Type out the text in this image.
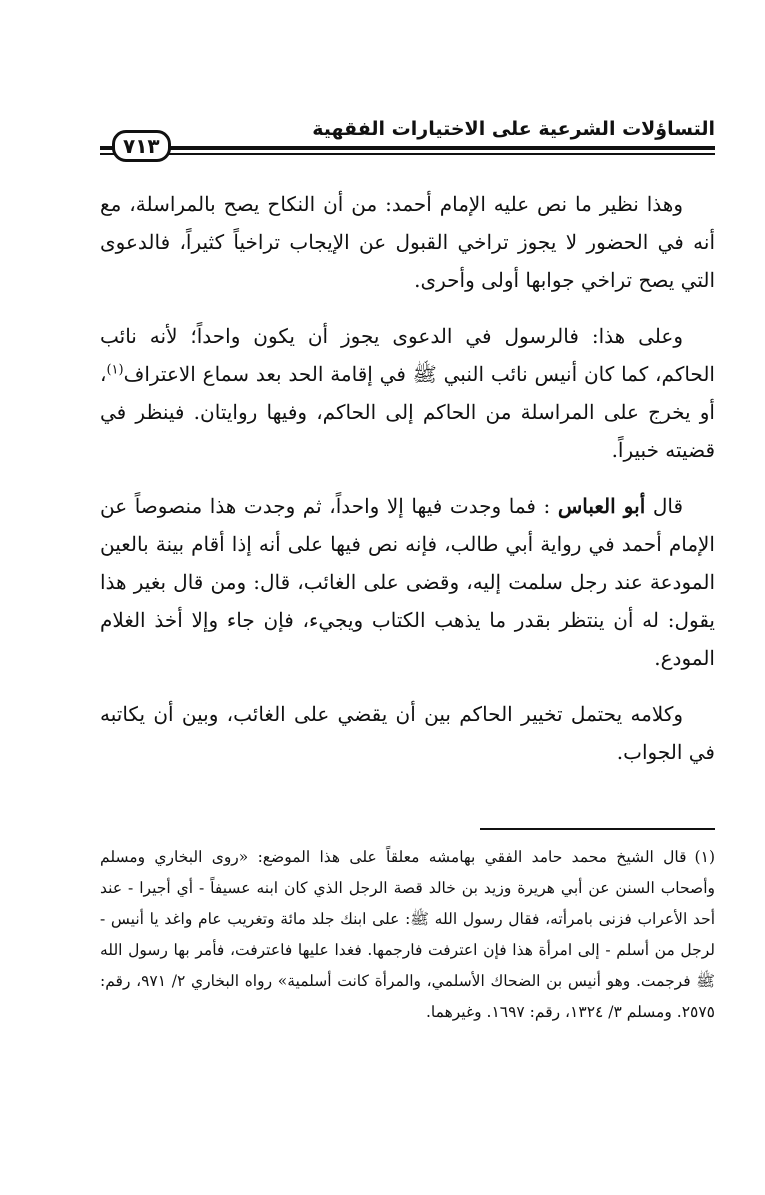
التساؤلات الشرعية على الاختيارات الفقهية
٧١٣

وهذا نظير ما نص عليه الإمام أحمد: من أن النكاح يصح بالمراسلة، مع أنه في الحضور لا يجوز تراخي القبول عن الإيجاب تراخياً كثيراً، فالدعوى التي يصح تراخي جوابها أولى وأحرى.

وعلى هذا: فالرسول في الدعوى يجوز أن يكون واحداً؛ لأنه نائب الحاكم، كما كان أنيس نائب النبي ﷺ في إقامة الحد بعد سماع الاعتراف$^{(١)}$، أو يخرج على المراسلة من الحاكم إلى الحاكم، وفيها روايتان. فينظر في قضيته خبيراً.

قال أبو العباس : فما وجدت فيها إلا واحداً، ثم وجدت هذا منصوصاً عن الإمام أحمد في رواية أبي طالب، فإنه نص فيها على أنه إذا أقام بينة بالعين المودعة عند رجل سلمت إليه، وقضى على الغائب، قال: ومن قال بغير هذا يقول: له أن ينتظر بقدر ما يذهب الكتاب ويجيء، فإن جاء وإلا أخذ الغلام المودع.

وكلامه يحتمل تخيير الحاكم بين أن يقضي على الغائب، وبين أن يكاتبه في الجواب.

(١)قال الشيخ محمد حامد الفقي بهامشه معلقاً على هذا الموضع: «روى البخاري ومسلم وأصحاب السنن عن أبي هريرة وزيد بن خالد قصة الرجل الذي كان ابنه عسيفاً - أي أجيرا - عند أحد الأعراب فزنى بامرأته، فقال رسول الله ﷺ: على ابنك جلد مائة وتغريب عام واغد يا أنيس - لرجل من أسلم - إلى امرأة هذا فإن اعترفت فارجمها. فغدا عليها فاعترفت، فأمر بها رسول الله ﷺ فرجمت. وهو أنيس بن الضحاك الأسلمي، والمرأة كانت أسلمية» رواه البخاري ٢/ ٩٧١، رقم: ٢٥٧٥. ومسلم ٣/ ١٣٢٤، رقم: ١٦٩٧. وغيرهما.
